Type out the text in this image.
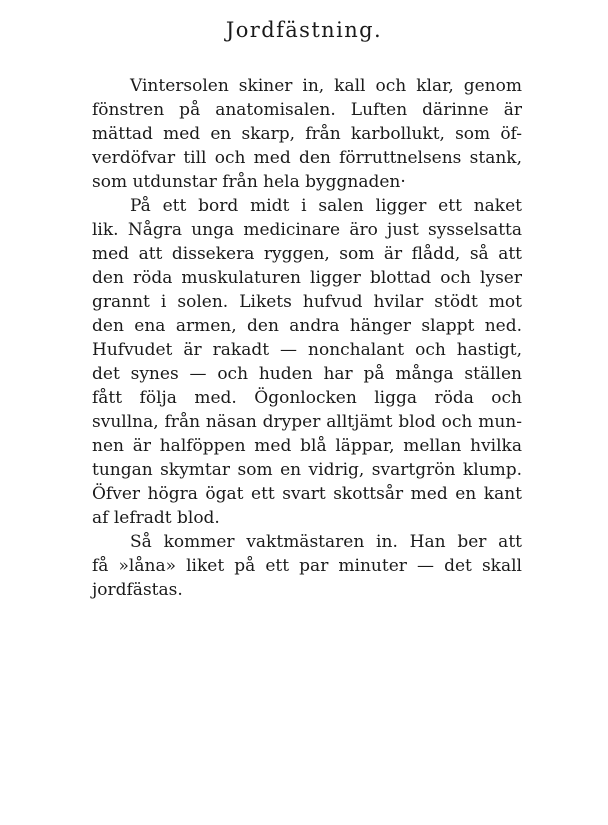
Jordfästning.
Vintersolen skiner in, kall och klar, genom
fönstren på anatomisalen. Luften därinne är
mättad med en skarp, från karbollukt, som öf-
verdöfvar till och med den förruttnelsens stank,
som utdunstar från hela byggnaden·
På ett bord midt i salen ligger ett naket
lik. Några unga medicinare äro just sysselsatta
med att dissekera ryggen, som är flådd, så att
den röda muskulaturen ligger blottad och lyser
grannt i solen. Likets hufvud hvilar stödt mot
den ena armen, den andra hänger slappt ned.
Hufvudet är rakadt — nonchalant och hastigt,
det synes — och huden har på många ställen
fått följa med. Ögonlocken ligga röda och
svullna, från näsan dryper alltjämt blod och mun-
nen är halföppen med blå läppar, mellan hvilka
tungan skymtar som en vidrig, svartgrön klump.
Öfver högra ögat ett svart skottsår med en kant
af lefradt blod.
Så kommer vaktmästaren in. Han ber att
få »låna» liket på ett par minuter — det skall
jordfästas.
